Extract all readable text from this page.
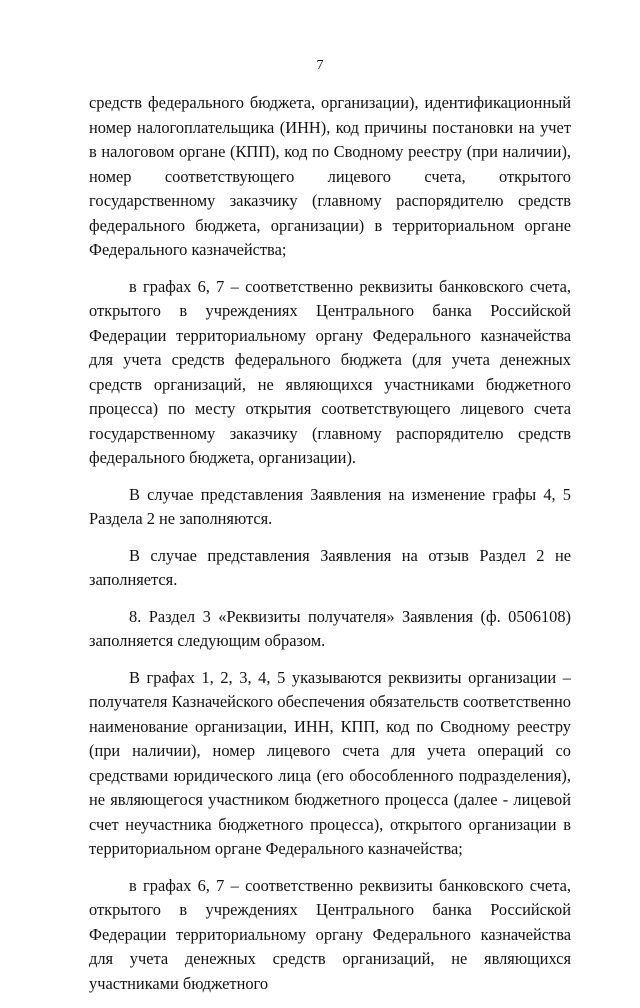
7

средств федерального бюджета, организации), идентификационный номер налогоплательщика (ИНН), код причины постановки на учет в налоговом органе (КПП), код по Сводному реестру (при наличии), номер соответствующего лицевого счета, открытого государственному заказчику (главному распорядителю средств федерального бюджета, организации) в территориальном органе Федерального казначейства;

в графах 6, 7 – соответственно реквизиты банковского счета, открытого в учреждениях Центрального банка Российской Федерации территориальному органу Федерального казначейства для учета средств федерального бюджета (для учета денежных средств организаций, не являющихся участниками бюджетного процесса) по месту открытия соответствующего лицевого счета государственному заказчику (главному распорядителю средств федерального бюджета, организации).

В случае представления Заявления на изменение графы 4, 5 Раздела 2 не заполняются.

В случае представления Заявления на отзыв Раздел 2 не заполняется.

8. Раздел 3 «Реквизиты получателя» Заявления (ф. 0506108) заполняется следующим образом.

В графах 1, 2, 3, 4, 5 указываются реквизиты организации – получателя Казначейского обеспечения обязательств соответственно наименование организации, ИНН, КПП, код по Сводному реестру (при наличии), номер лицевого счета для учета операций со средствами юридического лица (его обособленного подразделения), не являющегося участником бюджетного процесса (далее - лицевой счет неучастника бюджетного процесса), открытого организации в территориальном органе Федерального казначейства;

в графах 6, 7 – соответственно реквизиты банковского счета, открытого в учреждениях Центрального банка Российской Федерации территориальному органу Федерального казначейства для учета денежных средств организаций, не являющихся участниками бюджетного
